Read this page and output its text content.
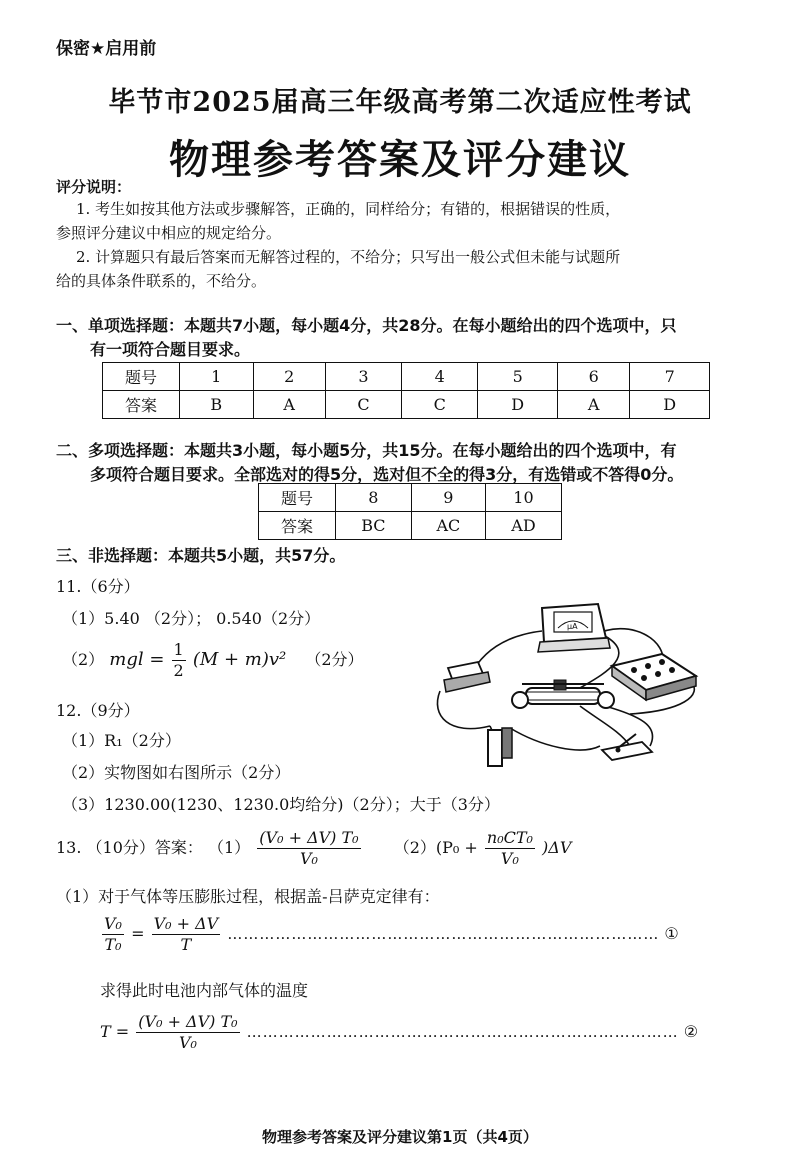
保密★启用前
毕节市2025届高三年级高考第二次适应性考试
物理参考答案及评分建议
评分说明：
1. 考生如按其他方法或步骤解答，正确的，同样给分；有错的，根据错误的性质，
参照评分建议中相应的规定给分。
2. 计算题只有最后答案而无解答过程的，不给分；只写出一般公式但未能与试题所
给的具体条件联系的，不给分。
一、单项选择题：本题共7小题，每小题4分，共28分。在每小题给出的四个选项中，只
有一项符合题目要求。
题号	1	2	3	4	5	6	7
答案	B	A	C	C	D	A	D
二、多项选择题：本题共3小题，每小题5分，共15分。在每小题给出的四个选项中，有
多项符合题目要求。全部选对的得5分，选对但不全的得3分，有选错或不答得0分。
题号	8	9	10
答案	BC	AC	AD
三、非选择题：本题共5小题，共57分。
11.（6分）
（1）5.40 （2分）； 0.540（2分）
（2） mgl = $\frac{1}{2} (M + m)v^2$ （2分）
12.（9分）
（1）R₁（2分）
（2）实物图如右图所示（2分）
（3）1230.00(1230、1230.0均给分)（2分）；大于（3分）
μA
13. （10分）答案： $(1) \frac{\text{(V₀ + ΔV) T₀}}{\text{V₀}} (2)(P_0 + \frac{\text{n₀CT₀}}{\text{V₀}} )\Delta V$
（1）对于气体等压膨胀过程，根据盖-吕萨克定律有：
$\frac{\text{V₀}}{\text{T₀}} = \frac{\text{V₀ + ΔV}}{T}$ ……………………………………………………………………… ①
求得此时电池内部气体的温度
$T = \frac{\text{(V₀ + ΔV) T₀}}{\text{V₀}}$ ……………………………………………………………………… ②
物理参考答案及评分建议第1页（共4页）
